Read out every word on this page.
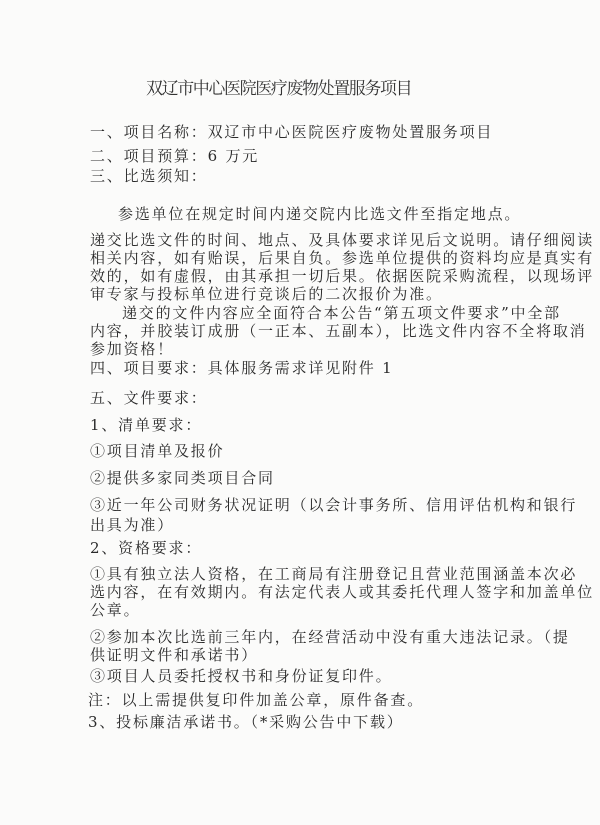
双辽市中心医院医疗废物处置服务项目
一、项目名称：双辽市中心医院医疗废物处置服务项目
二、项目预算：6 万元
三、比选须知：
参选单位在规定时间内递交院内比选文件至指定地点。
递交比选文件的时间、地点、及具体要求详见后文说明。请仔细阅读
相关内容，如有贻误，后果自负。参选单位提供的资料均应是真实有
效的，如有虚假，由其承担一切后果。依据医院采购流程，以现场评
审专家与投标单位进行竞谈后的二次报价为准。
递交的文件内容应全面符合本公告“第五项文件要求”中全部
内容，并胶装订成册（一正本、五副本），比选文件内容不全将取消
参加资格！
四、项目要求：具体服务需求详见附件 1
五、文件要求：
1、清单要求：
①项目清单及报价
②提供多家同类项目合同
③近一年公司财务状况证明（以会计事务所、信用评估机构和银行
出具为准）
2、资格要求：
①具有独立法人资格，在工商局有注册登记且营业范围涵盖本次必
选内容，在有效期内。有法定代表人或其委托代理人签字和加盖单位
公章。
②参加本次比选前三年内，在经营活动中没有重大违法记录。（提
供证明文件和承诺书）
③项目人员委托授权书和身份证复印件。
注：以上需提供复印件加盖公章，原件备查。
3、投标廉洁承诺书。（*采购公告中下载）
